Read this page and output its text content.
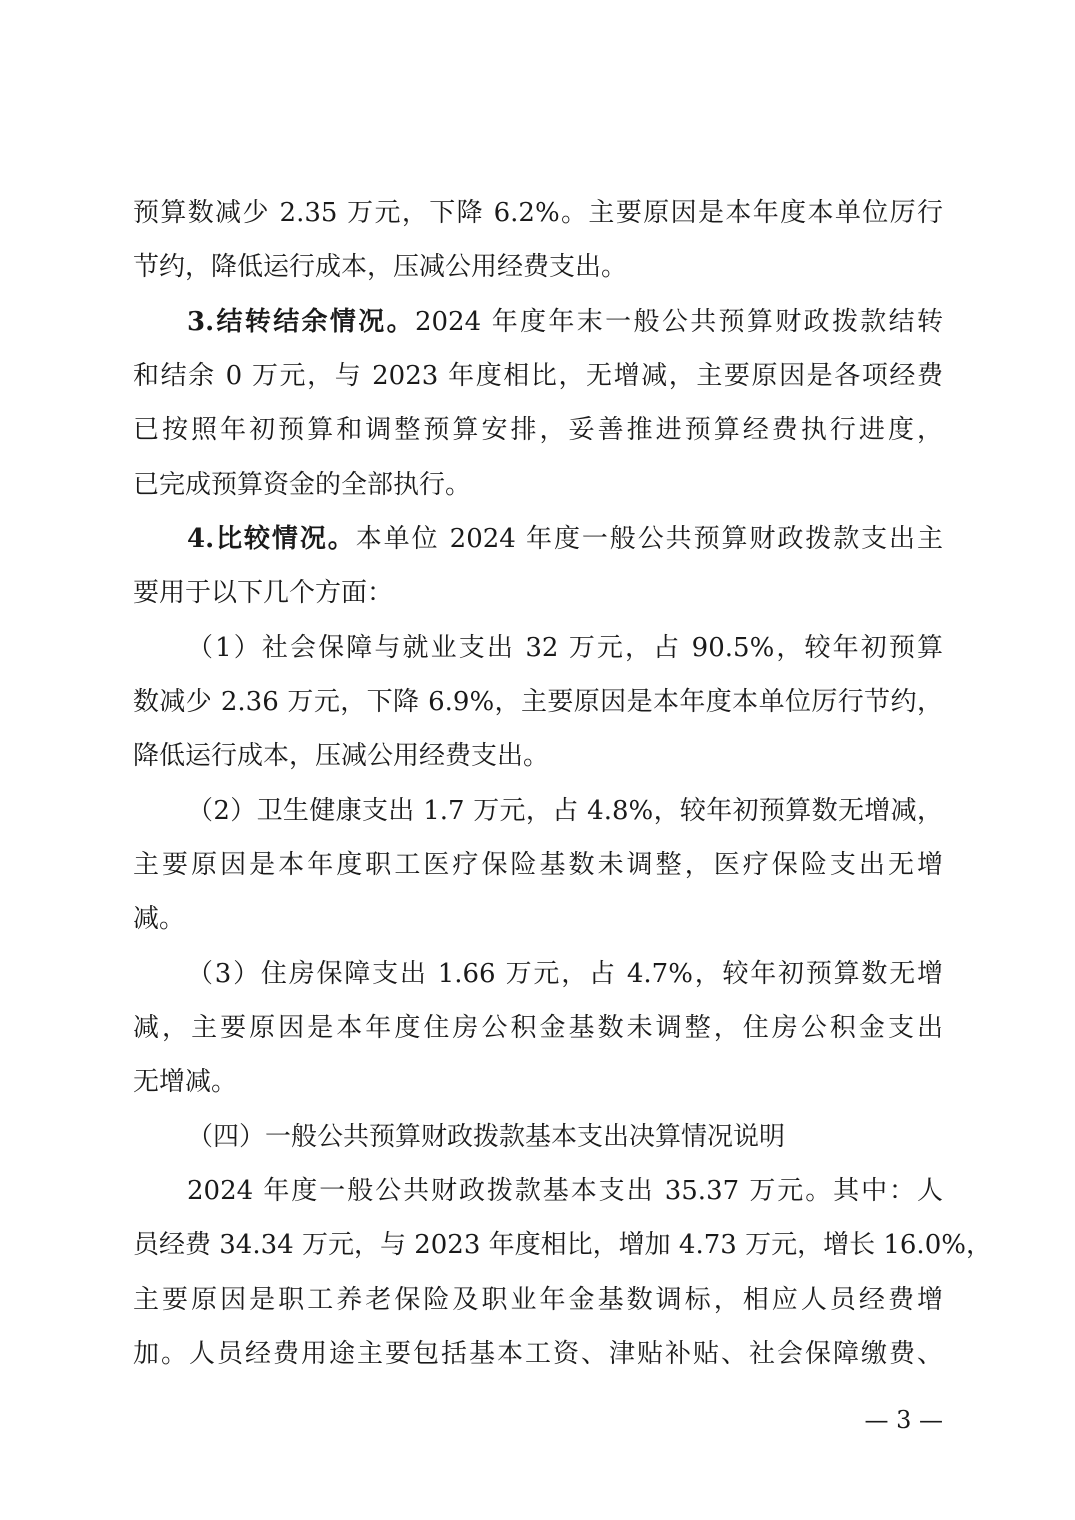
预算数减少 2.35 万元，下降 6.2%。主要原因是本年度本单位厉行
节约，降低运行成本，压减公用经费支出。
3.结转结余情况。2024 年度年末一般公共预算财政拨款结转
和结余 0 万元，与 2023 年度相比，无增减，主要原因是各项经费
已按照年初预算和调整预算安排，妥善推进预算经费执行进度，
已完成预算资金的全部执行。
4.比较情况。本单位 2024 年度一般公共预算财政拨款支出主
要用于以下几个方面：
（1）社会保障与就业支出 32 万元，占 90.5%，较年初预算
数减少 2.36 万元，下降 6.9%，主要原因是本年度本单位厉行节约，
降低运行成本，压减公用经费支出。
（2）卫生健康支出 1.7 万元，占 4.8%，较年初预算数无增减，
主要原因是本年度职工医疗保险基数未调整，医疗保险支出无增
减。
（3）住房保障支出 1.66 万元，占 4.7%，较年初预算数无增
减，主要原因是本年度住房公积金基数未调整，住房公积金支出
无增减。
（四）一般公共预算财政拨款基本支出决算情况说明
2024 年度一般公共财政拨款基本支出 35.37 万元。其中：人
员经费 34.34 万元，与 2023 年度相比，增加 4.73 万元，增长 16.0%，
主要原因是职工养老保险及职业年金基数调标，相应人员经费增
加。人员经费用途主要包括基本工资、津贴补贴、社会保障缴费、
— 3 —
